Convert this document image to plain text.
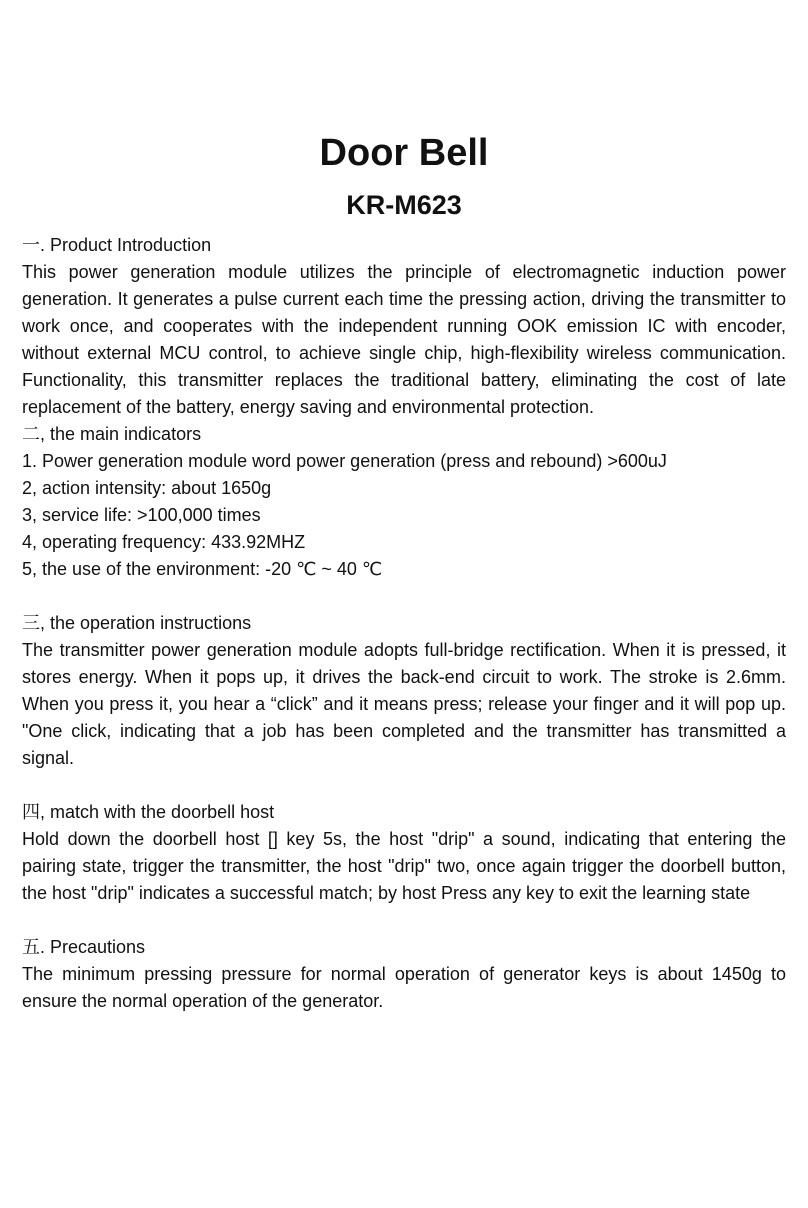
Door Bell
KR-M623

一. Product Introduction

This power generation module utilizes the principle of electromagnetic induction power generation. It generates a pulse current each time the pressing action, driving the transmitter to work once, and cooperates with the independent running OOK emission IC with encoder, without external MCU control, to achieve single chip, high-flexibility wireless communication. Functionality, this transmitter replaces the traditional battery, eliminating the cost of late replacement of the battery, energy saving and environmental protection.

二, the main indicators

1. Power generation module word power generation (press and rebound) >600uJ

2, action intensity: about 1650g

3, service life: >100,000 times

4, operating frequency: 433.92MHZ

5, the use of the environment: -20 ℃ ~ 40 ℃

三, the operation instructions

The transmitter power generation module adopts full-bridge rectification. When it is pressed, it stores energy. When it pops up, it drives the back-end circuit to work. The stroke is 2.6mm. When you press it, you hear a “click” and it means press; release your finger and it will pop up. "One click, indicating that a job has been completed and the transmitter has transmitted a signal.

四, match with the doorbell host

Hold down the doorbell host [] key 5s, the host "drip" a sound, indicating that entering the pairing state, trigger the transmitter, the host "drip" two, once again trigger the doorbell button, the host "drip" indicates a successful match; by host Press any key to exit the learning state

五. Precautions

The minimum pressing pressure for normal operation of generator keys is about 1450g to ensure the normal operation of the generator.
